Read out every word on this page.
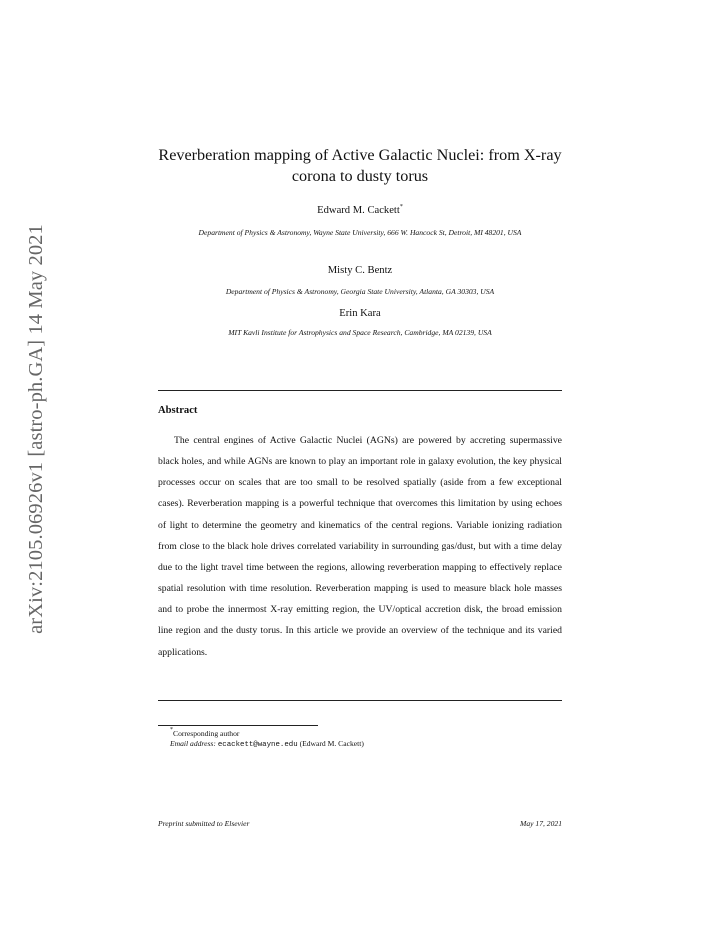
arXiv:2105.06926v1 [astro-ph.GA] 14 May 2021
Reverberation mapping of Active Galactic Nuclei: from X-ray corona to dusty torus
Edward M. Cackett*
Department of Physics & Astronomy, Wayne State University, 666 W. Hancock St, Detroit, MI 48201, USA
Misty C. Bentz
Department of Physics & Astronomy, Georgia State University, Atlanta, GA 30303, USA
Erin Kara
MIT Kavli Institute for Astrophysics and Space Research, Cambridge, MA 02139, USA
Abstract
The central engines of Active Galactic Nuclei (AGNs) are powered by accreting supermassive black holes, and while AGNs are known to play an important role in galaxy evolution, the key physical processes occur on scales that are too small to be resolved spatially (aside from a few exceptional cases). Reverberation mapping is a powerful technique that overcomes this limitation by using echoes of light to determine the geometry and kinematics of the central regions. Variable ionizing radiation from close to the black hole drives correlated variability in surrounding gas/dust, but with a time delay due to the light travel time between the regions, allowing reverberation mapping to effectively replace spatial resolution with time resolution. Reverberation mapping is used to measure black hole masses and to probe the innermost X-ray emitting region, the UV/optical accretion disk, the broad emission line region and the dusty torus. In this article we provide an overview of the technique and its varied applications.
*Corresponding author
Email address: ecackett@wayne.edu (Edward M. Cackett)
Preprint submitted to Elsevier	May 17, 2021
